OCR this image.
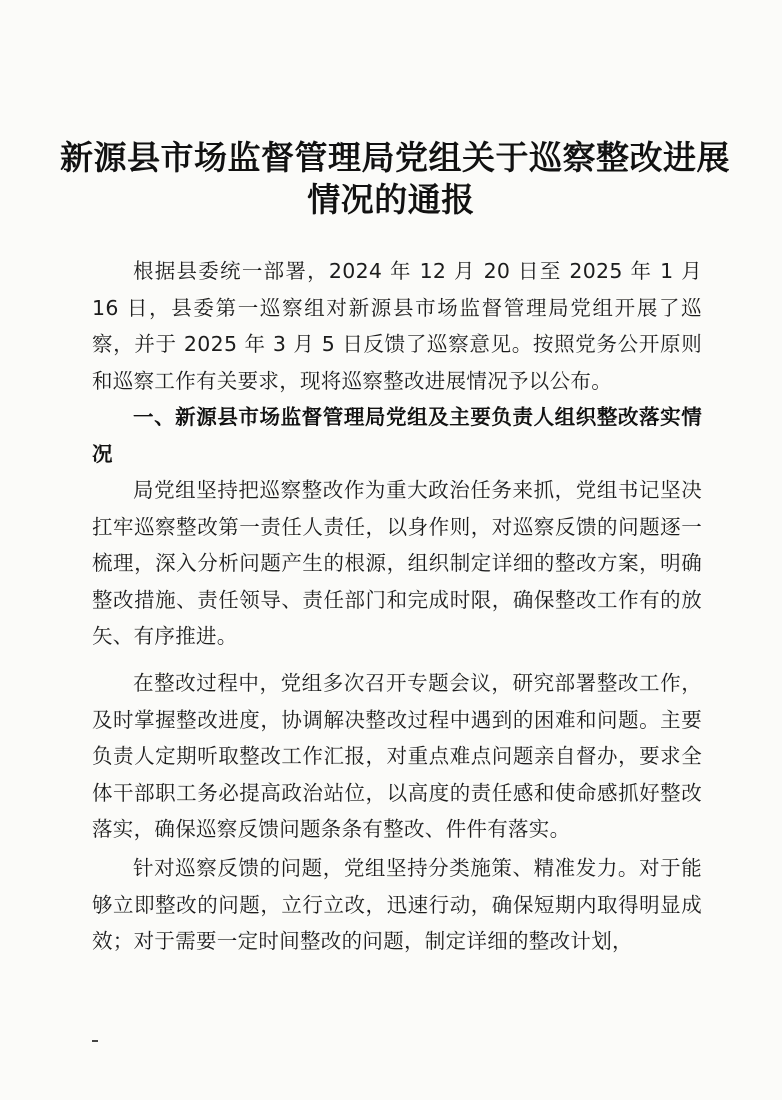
新源县市场监督管理局党组关于巡察整改进展
情况的通报

根据县委统一部署，2024 年 12 月 20 日至 2025 年 1 月 16 日，县委第一巡察组对新源县市场监督管理局党组开展了巡察，并于 2025 年 3 月 5 日反馈了巡察意见。按照党务公开原则和巡察工作有关要求，现将巡察整改进展情况予以公布。

一、新源县市场监督管理局党组及主要负责人组织整改落实情况

局党组坚持把巡察整改作为重大政治任务来抓，党组书记坚决扛牢巡察整改第一责任人责任，以身作则，对巡察反馈的问题逐一梳理，深入分析问题产生的根源，组织制定详细的整改方案，明确整改措施、责任领导、责任部门和完成时限，确保整改工作有的放矢、有序推进。

在整改过程中，党组多次召开专题会议，研究部署整改工作，及时掌握整改进度，协调解决整改过程中遇到的困难和问题。主要负责人定期听取整改工作汇报，对重点难点问题亲自督办，要求全体干部职工务必提高政治站位，以高度的责任感和使命感抓好整改落实，确保巡察反馈问题条条有整改、件件有落实。

针对巡察反馈的问题，党组坚持分类施策、精准发力。对于能够立即整改的问题，立行立改，迅速行动，确保短期内取得明显成效；对于需要一定时间整改的问题，制定详细的整改计划，
